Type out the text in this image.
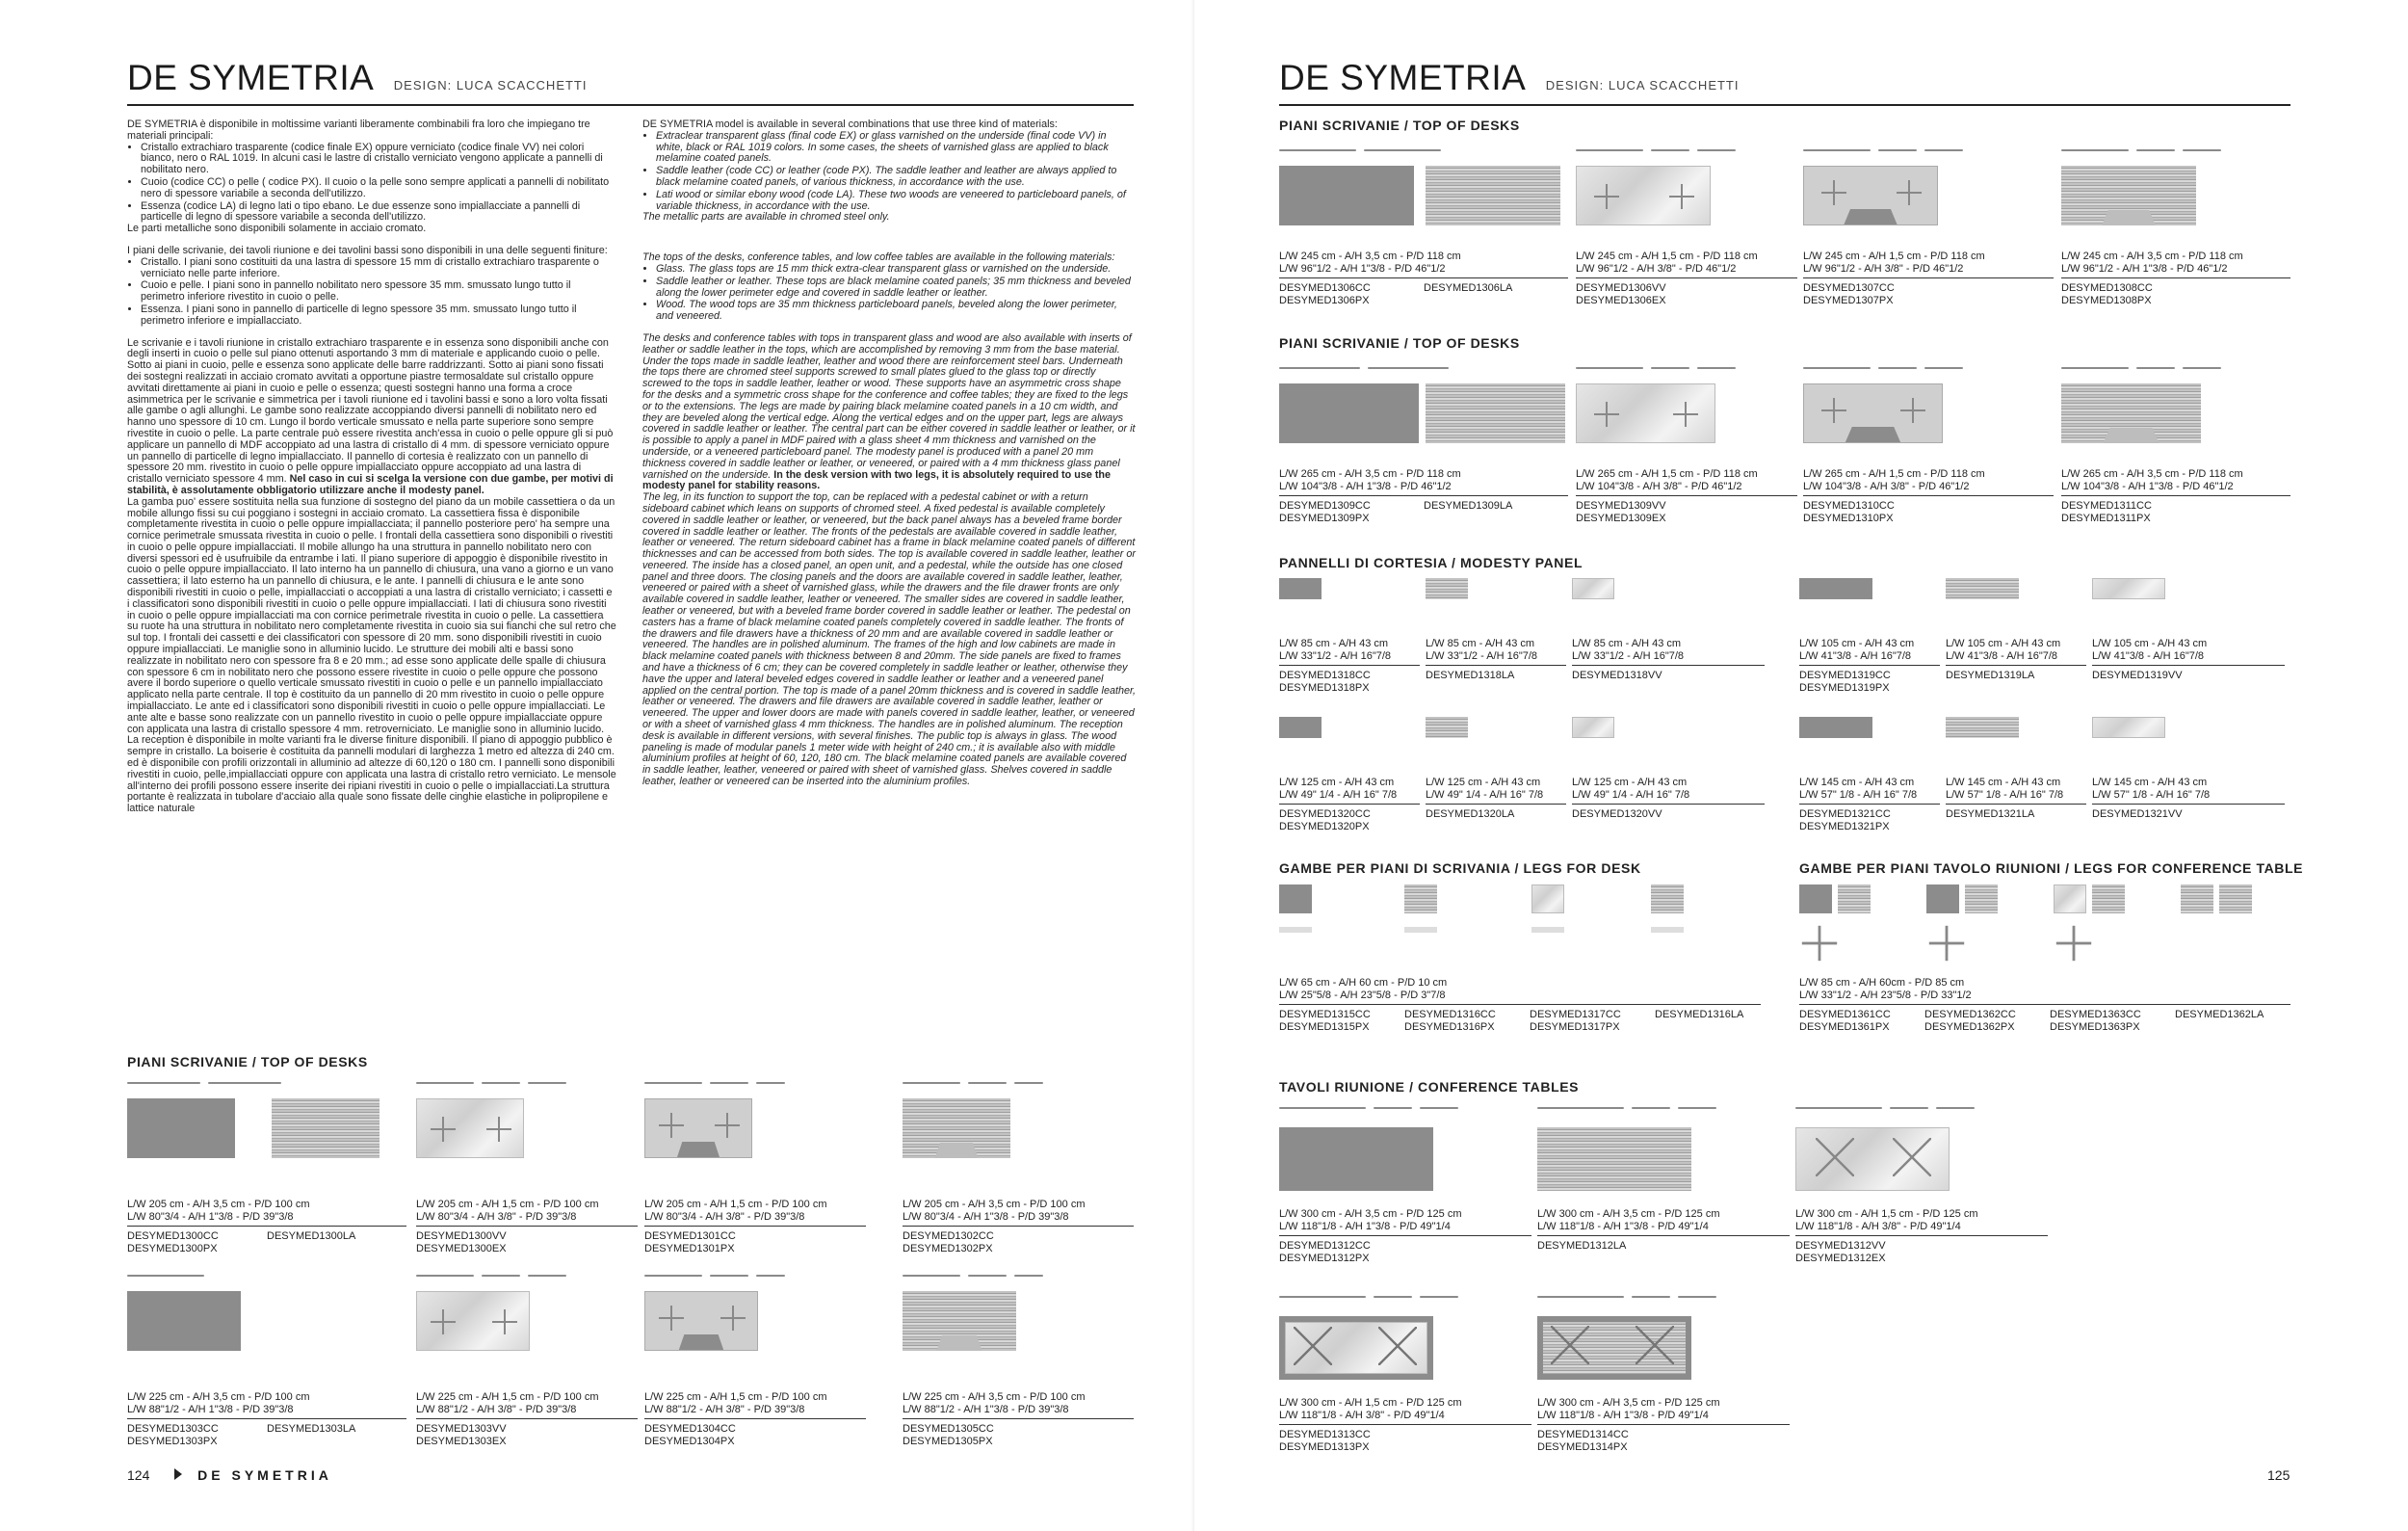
DE SYMETRIA DESIGN: LUCA SCACCHETTI

DE SYMETRIA è disponibile in moltissime varianti liberamente combinabili fra loro che impiegano tre materiali principali:

• Cristallo extrachiaro trasparente (codice finale EX) oppure verniciato (codice finale VV) nei colori bianco, nero o RAL 1019. In alcuni casi le lastre di cristallo verniciato vengono applicate a pannelli di nobilitato nero.
• Cuoio (codice CC) o pelle ( codice PX). Il cuoio o la pelle sono sempre applicati a pannelli di nobilitato nero di spessore variabile a seconda dell'utilizzo.
• Essenza (codice LA) di legno lati o tipo ebano. Le due essenze sono impiallacciate a pannelli di particelle di legno di spessore variabile a seconda dell'utilizzo.

Le parti metalliche sono disponibili solamente in acciaio cromato.

I piani delle scrivanie, dei tavoli riunione e dei tavolini bassi sono disponibili in una delle seguenti finiture:

• Cristallo. I piani sono costituiti da una lastra di spessore 15 mm di cristallo extrachiaro trasparente o verniciato nelle parte inferiore.
• Cuoio e pelle. I piani sono in pannello nobilitato nero spessore 35 mm. smussato lungo tutto il perimetro inferiore rivestito in cuoio o pelle.
• Essenza. I piani sono in pannello di particelle di legno spessore 35 mm. smussato lungo tutto il perimetro inferiore e impiallacciato.

Le scrivanie e i tavoli riunione in cristallo extrachiaro trasparente e in essenza sono disponibili anche con degli inserti in cuoio o pelle sul piano ottenuti asportando 3 mm di materiale e applicando cuoio o pelle. Sotto ai piani in cuoio, pelle e essenza sono applicate delle barre raddrizzanti. Sotto ai piani sono fissati dei sostegni realizzati in acciaio cromato avvitati a opportune piastre termosaldate sul cristallo oppure avvitati direttamente ai piani in cuoio e pelle o essenza; questi sostegni hanno una forma a croce asimmetrica per le scrivanie e simmetrica per i tavoli riunione ed i tavolini bassi e sono a loro volta fissati alle gambe o agli allunghi. Le gambe sono realizzate accoppiando diversi pannelli di nobilitato nero ed hanno uno spessore di 10 cm. Lungo il bordo verticale smussato e nella parte superiore sono sempre rivestite in cuoio o pelle. La parte centrale può essere rivestita anch'essa in cuoio o pelle oppure gli si può applicare un pannello di MDF accoppiato ad una lastra di cristallo di 4 mm. di spessore verniciato oppure un pannello di particelle di legno impiallacciato. Il pannello di cortesia è realizzato con un pannello di spessore 20 mm. rivestito in cuoio o pelle oppure impiallacciato oppure accoppiato ad una lastra di cristallo verniciato spessore 4 mm. Nel caso in cui si scelga la versione con due gambe, per motivi di stabilità, è assolutamente obbligatorio utilizzare anche il modesty panel.

La gamba puo' essere sostituita nella sua funzione di sostegno del piano da un mobile cassettiera o da un mobile allungo fissi su cui poggiano i sostegni in acciaio cromato. La cassettiera fissa è disponibile completamente rivestita in cuoio o pelle oppure impiallacciata; il pannello posteriore pero' ha sempre una cornice perimetrale smussata rivestita in cuoio o pelle. I frontali della cassettiera sono disponibili o rivestiti in cuoio o pelle oppure impiallacciati. Il mobile allungo ha una struttura in pannello nobilitato nero con diversi spessori ed è usufruibile da entrambe i lati. Il piano superiore di appoggio è disponibile rivestito in cuoio o pelle oppure impiallacciato. Il lato interno ha un pannello di chiusura, una vano a giorno e un vano cassettiera; il lato esterno ha un pannello di chiusura, e le ante. I pannelli di chiusura e le ante sono disponibili rivestiti in cuoio o pelle, impiallacciati o accoppiati a una lastra di cristallo verniciato; i cassetti e i classificatori sono disponibili rivestiti in cuoio o pelle oppure impiallacciati. I lati di chiusura sono rivestiti in cuoio o pelle oppure impiallacciati ma con cornice perimetrale rivestita in cuoio o pelle. La cassettiera su ruote ha una struttura in nobilitato nero completamente rivestita in cuoio sia sui fianchi che sul retro che sul top. I frontali dei cassetti e dei classificatori con spessore di 20 mm. sono disponibili rivestiti in cuoio oppure impiallacciati. Le maniglie sono in alluminio lucido. Le strutture dei mobili alti e bassi sono realizzate in nobilitato nero con spessore fra 8 e 20 mm.; ad esse sono applicate delle spalle di chiusura con spessore 6 cm in nobilitato nero che possono essere rivestite in cuoio o pelle oppure che possono avere il bordo superiore o quello verticale smussato rivestiti in cuoio o pelle e un pannello impiallacciato applicato nella parte centrale. Il top è costituito da un pannello di 20 mm rivestito in cuoio o pelle oppure impiallacciato. Le ante ed i classificatori sono disponibili rivestiti in cuoio o pelle oppure impiallacciati. Le ante alte e basse sono realizzate con un pannello rivestito in cuoio o pelle oppure impiallacciate oppure con applicata una lastra di cristallo spessore 4 mm. retroverniciato. Le maniglie sono in alluminio lucido. La reception è disponibile in molte varianti fra le diverse finiture disponibili. Il piano di appoggio pubblico è sempre in cristallo. La boiserie è costituita da pannelli modulari di larghezza 1 metro ed altezza di 240 cm. ed è disponibile con profili orizzontali in alluminio ad altezze di 60,120 o 180 cm. I pannelli sono disponibili rivestiti in cuoio, pelle,impiallacciati oppure con applicata una lastra di cristallo retro verniciato. Le mensole all'interno dei profili possono essere inserite dei ripiani rivestiti in cuoio o pelle o impiallacciati.La struttura portante è realizzata in tubolare d'acciaio alla quale sono fissate delle cinghie elastiche in polipropilene e lattice naturale

DE SYMETRIA model is available in several combinations that use three kind of materials:

• Extraclear transparent glass (final code EX) or glass varnished on the underside (final code VV) in white, black or RAL 1019 colors. In some cases, the sheets of varnished glass are applied to black melamine coated panels.
• Saddle leather (code CC) or leather (code PX). The saddle leather and leather are always applied to black melamine coated panels, of various thickness, in accordance with the use.
• Lati wood or similar ebony wood (code LA). These two woods are veneered to particleboard panels, of variable thickness, in accordance with the use.

The metallic parts are available in chromed steel only.

The tops of the desks, conference tables, and low coffee tables are available in the following materials:

• Glass. The glass tops are 15 mm thick extra-clear transparent glass or varnished on the underside.
• Saddle leather or leather. These tops are black melamine coated panels; 35 mm thickness and beveled along the lower perimeter edge and covered in saddle leather or leather.
• Wood. The wood tops are 35 mm thickness particleboard panels, beveled along the lower perimeter, and veneered.

The desks and conference tables with tops in transparent glass and wood are also available with inserts of leather or saddle leather in the tops, which are accomplished by removing 3 mm from the base material. Under the tops made in saddle leather, leather and wood there are reinforcement steel bars. Underneath the tops there are chromed steel supports screwed to small plates glued to the glass top or directly screwed to the tops in saddle leather, leather or wood. These supports have an asymmetric cross shape for the desks and a symmetric cross shape for the conference and coffee tables; they are fixed to the legs or to the extensions. The legs are made by pairing black melamine coated panels in a 10 cm width, and they are beveled along the vertical edge. Along the vertical edges and on the upper part, legs are always covered in saddle leather or leather. The central part can be either covered in saddle leather or leather, or it is possible to apply a panel in MDF paired with a glass sheet 4 mm thickness and varnished on the underside, or a veneered particleboard panel. The modesty panel is produced with a panel 20 mm thickness covered in saddle leather or leather, or veneered, or paired with a 4 mm thickness glass panel varnished on the underside. In the desk version with two legs, it is absolutely required to use the modesty panel for stability reasons.

The leg, in its function to support the top, can be replaced with a pedestal cabinet or with a return sideboard cabinet which leans on supports of chromed steel. A fixed pedestal is available completely covered in saddle leather or leather, or veneered, but the back panel always has a beveled frame border covered in saddle leather or leather. The fronts of the pedestals are available covered in saddle leather, leather or veneered. The return sideboard cabinet has a frame in black melamine coated panels of different thicknesses and can be accessed from both sides. The top is available covered in saddle leather, leather or veneered. The inside has a closed panel, an open unit, and a pedestal, while the outside has one closed panel and three doors. The closing panels and the doors are available covered in saddle leather, leather, veneered or paired with a sheet of varnished glass, while the drawers and the file drawer fronts are only available covered in saddle leather, leather or veneered. The smaller sides are covered in saddle leather, leather or veneered, but with a beveled frame border covered in saddle leather or leather. The pedestal on casters has a frame of black melamine coated panels completely covered in saddle leather. The fronts of the drawers and file drawers have a thickness of 20 mm and are available covered in saddle leather or veneered. The handles are in polished aluminum. The frames of the high and low cabinets are made in black melamine coated panels with thickness between 8 and 20mm. The side panels are fixed to frames and have a thickness of 6 cm; they can be covered completely in saddle leather or leather, otherwise they have the upper and lateral beveled edges covered in saddle leather or leather and a veneered panel applied on the central portion. The top is made of a panel 20mm thickness and is covered in saddle leather, leather or veneered. The drawers and file drawers are available covered in saddle leather, leather or veneered. The upper and lower doors are made with panels covered in saddle leather, leather, or veneered or with a sheet of varnished glass 4 mm thickness. The handles are in polished aluminum. The reception desk is available in different versions, with several finishes. The public top is always in glass. The wood paneling is made of modular panels 1 meter wide with height of 240 cm.; it is available also with middle aluminium profiles at height of 60, 120, 180 cm. The black melamine coated panels are available covered in saddle leather, leather, veneered or paired with sheet of varnished glass. Shelves covered in saddle leather, leather or veneered can be inserted into the aluminium profiles.

PIANI SCRIVANIE / TOP OF DESKS
L/W 205 cm - A/H 3,5 cm - P/D 100 cm
L/W 80"3/4 - A/H 1"3/8 - P/D 39"3/8
DESYMED1300CC	DESYMED1300LA
DESYMED1300PX
L/W 205 cm - A/H 1,5 cm - P/D 100 cm
L/W 80"3/4 - A/H 3/8" - P/D 39"3/8
DESYMED1300VV
DESYMED1300EX
L/W 205 cm - A/H 1,5 cm - P/D 100 cm
L/W 80"3/4 - A/H 3/8" - P/D 39"3/8
DESYMED1301CC
DESYMED1301PX
L/W 205 cm - A/H 3,5 cm - P/D 100 cm
L/W 80"3/4 - A/H 1"3/8 - P/D 39"3/8
DESYMED1302CC
DESYMED1302PX
L/W 225 cm - A/H 3,5 cm - P/D 100 cm
L/W 88"1/2 - A/H 1"3/8 - P/D 39"3/8
DESYMED1303CC	DESYMED1303LA
DESYMED1303PX
L/W 225 cm - A/H 1,5 cm - P/D 100 cm
L/W 88"1/2 - A/H 3/8" - P/D 39"3/8
DESYMED1303VV
DESYMED1303EX
L/W 225 cm - A/H 1,5 cm - P/D 100 cm
L/W 88"1/2 - A/H 3/8" - P/D 39"3/8
DESYMED1304CC
DESYMED1304PX
L/W 225 cm - A/H 3,5 cm - P/D 100 cm
L/W 88"1/2 - A/H 1"3/8 - P/D 39"3/8
DESYMED1305CC
DESYMED1305PX
124	DE SYMETRIA
DE SYMETRIA DESIGN: LUCA SCACCHETTI
PIANI SCRIVANIE / TOP OF DESKS
L/W 245 cm - A/H 3,5 cm - P/D 118 cm
L/W 96"1/2 - A/H 1"3/8 - P/D 46"1/2
DESYMED1306CC	DESYMED1306LA
DESYMED1306PX
L/W 245 cm - A/H 1,5 cm - P/D 118 cm
L/W 96"1/2 - A/H 3/8" - P/D 46"1/2
DESYMED1306VV
DESYMED1306EX
L/W 245 cm - A/H 1,5 cm - P/D 118 cm
L/W 96"1/2 - A/H 3/8" - P/D 46"1/2
DESYMED1307CC
DESYMED1307PX
L/W 245 cm - A/H 3,5 cm - P/D 118 cm
L/W 96"1/2 - A/H 1"3/8 - P/D 46"1/2
DESYMED1308CC
DESYMED1308PX
PIANI SCRIVANIE / TOP OF DESKS
L/W 265 cm - A/H 3,5 cm - P/D 118 cm
L/W 104"3/8 - A/H 1"3/8 - P/D 46"1/2
DESYMED1309CC	DESYMED1309LA
DESYMED1309PX
L/W 265 cm - A/H 1,5 cm - P/D 118 cm
L/W 104"3/8 - A/H 3/8" - P/D 46"1/2
DESYMED1309VV
DESYMED1309EX
L/W 265 cm - A/H 1,5 cm - P/D 118 cm
L/W 104"3/8 - A/H 3/8" - P/D 46"1/2
DESYMED1310CC
DESYMED1310PX
L/W 265 cm - A/H 3,5 cm - P/D 118 cm
L/W 104"3/8 - A/H 1"3/8 - P/D 46"1/2
DESYMED1311CC
DESYMED1311PX
PANNELLI DI CORTESIA / MODESTY PANEL
L/W 85 cm - A/H 43 cm
L/W 33"1/2 - A/H 16"7/8
DESYMED1318CC
DESYMED1318PX
L/W 85 cm - A/H 43 cm
L/W 33"1/2 - A/H 16"7/8
DESYMED1318LA
L/W 85 cm - A/H 43 cm
L/W 33"1/2 - A/H 16"7/8
DESYMED1318VV
L/W 105 cm - A/H 43 cm
L/W 41"3/8 - A/H 16"7/8
DESYMED1319CC
DESYMED1319PX
L/W 105 cm - A/H 43 cm
L/W 41"3/8 - A/H 16"7/8
DESYMED1319LA
L/W 105 cm - A/H 43 cm
L/W 41"3/8 - A/H 16"7/8
DESYMED1319VV
L/W 125 cm - A/H 43 cm
L/W 49" 1/4 - A/H 16" 7/8
DESYMED1320CC
DESYMED1320PX
L/W 125 cm - A/H 43 cm
L/W 49" 1/4 - A/H 16" 7/8
DESYMED1320LA
L/W 125 cm - A/H 43 cm
L/W 49" 1/4 - A/H 16" 7/8
DESYMED1320VV
L/W 145 cm - A/H 43 cm
L/W 57" 1/8 - A/H 16" 7/8
DESYMED1321CC
DESYMED1321PX
L/W 145 cm - A/H 43 cm
L/W 57" 1/8 - A/H 16" 7/8
DESYMED1321LA
L/W 145 cm - A/H 43 cm
L/W 57" 1/8 - A/H 16" 7/8
DESYMED1321VV
GAMBE PER PIANI DI SCRIVANIA / LEGS FOR DESK	GAMBE PER PIANI TAVOLO RIUNIONI / LEGS FOR CONFERENCE TABLE
L/W 65 cm - A/H 60 cm - P/D 10 cm
L/W 25"5/8 - A/H 23"5/8 - P/D 3"7/8
DESYMED1315CC	DESYMED1316CC	DESYMED1317CC	DESYMED1316LA
DESYMED1315PX	DESYMED1316PX	DESYMED1317PX
L/W 85 cm - A/H 60cm - P/D 85 cm
L/W 33"1/2 - A/H 23"5/8 - P/D 33"1/2
DESYMED1361CC	DESYMED1362CC	DESYMED1363CC	DESYMED1362LA
DESYMED1361PX	DESYMED1362PX	DESYMED1363PX
TAVOLI RIUNIONE / CONFERENCE TABLES
L/W 300 cm - A/H 3,5 cm - P/D 125 cm
L/W 118"1/8 - A/H 1"3/8 - P/D 49"1/4
DESYMED1312CC
DESYMED1312PX
L/W 300 cm - A/H 3,5 cm - P/D 125 cm
L/W 118"1/8 - A/H 1"3/8 - P/D 49"1/4
DESYMED1312LA
L/W 300 cm - A/H 1,5 cm - P/D 125 cm
L/W 118"1/8 - A/H 3/8" - P/D 49"1/4
DESYMED1312VV
DESYMED1312EX
L/W 300 cm - A/H 1,5 cm - P/D 125 cm
L/W 118"1/8 - A/H 3/8" - P/D 49"1/4
DESYMED1313CC
DESYMED1313PX
L/W 300 cm - A/H 3,5 cm - P/D 125 cm
L/W 118"1/8 - A/H 1"3/8 - P/D 49"1/4
DESYMED1314CC
DESYMED1314PX
125
